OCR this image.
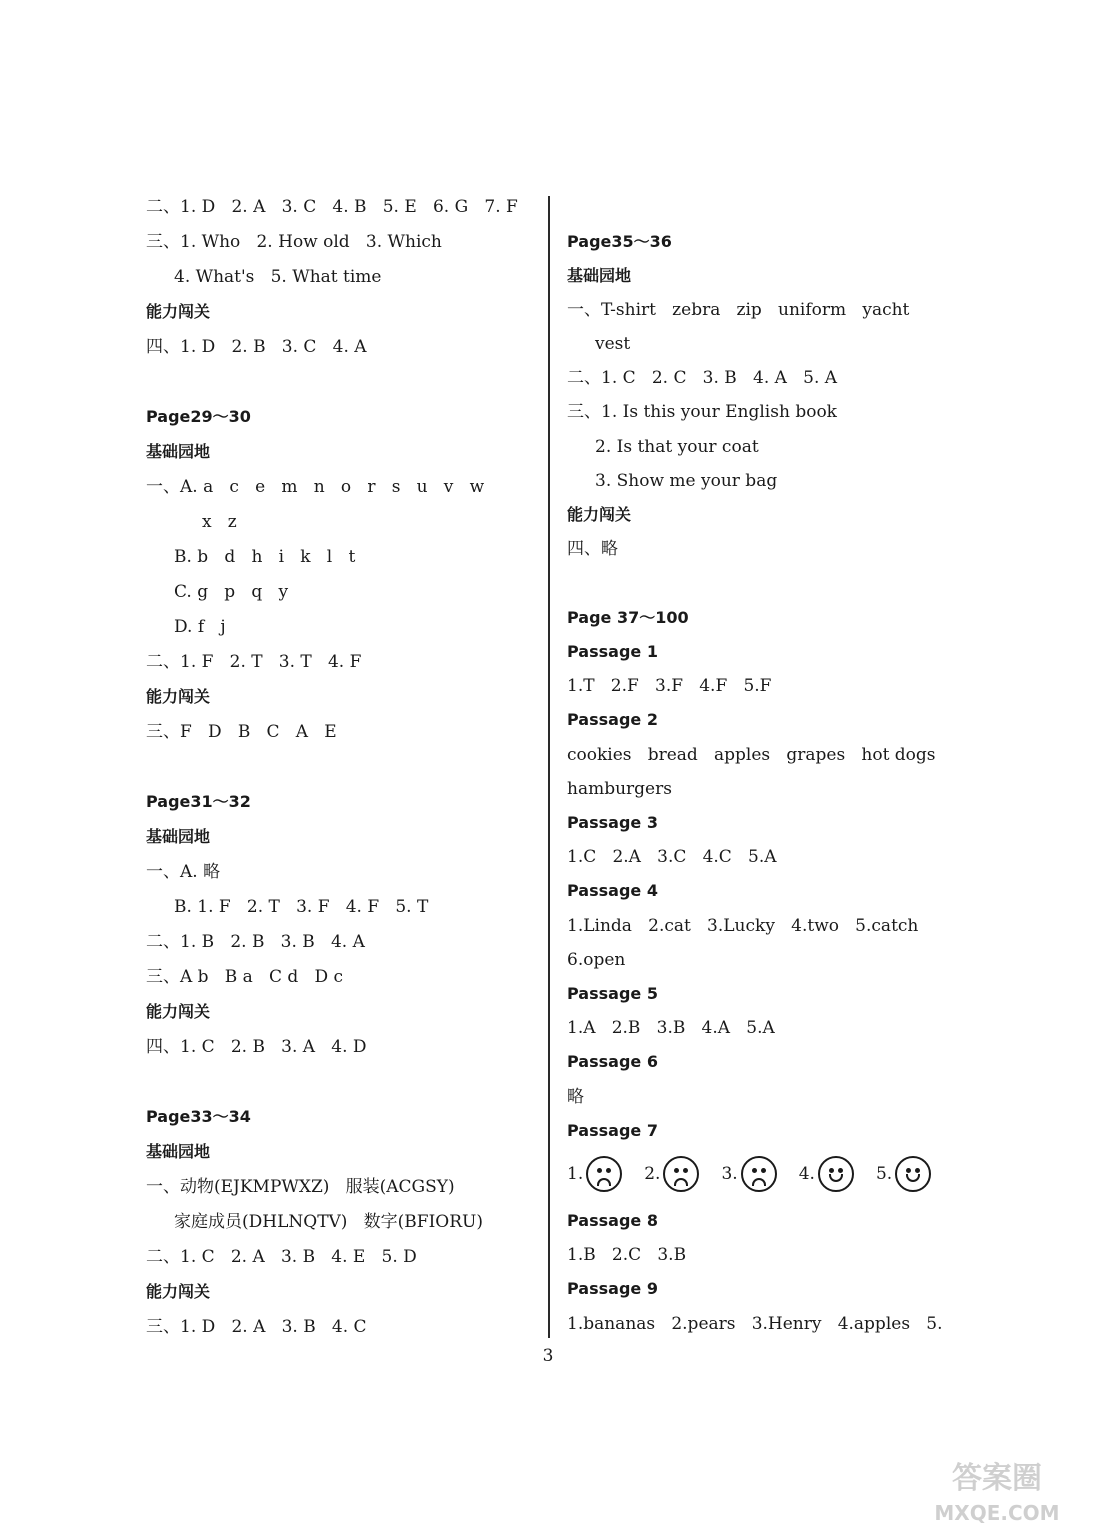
二、1. D   2. A   3. C   4. B   5. E   6. G   7. F
三、1. Who   2. How old   3. Which
4. What's   5. What time
能力闯关
四、1. D   2. B   3. C   4. A
Page29～30
基础园地
一、A. a   c   e   m   n   o   r   s   u   v   w
x   z
B. b   d   h   i   k   l   t
C. g   p   q   y
D. f   j
二、1. F   2. T   3. T   4. F
能力闯关
三、F   D   B   C   A   E
Page31～32
基础园地
一、A. 略
B. 1. F   2. T   3. F   4. F   5. T
二、1. B   2. B   3. B   4. A
三、A b   B a   C d   D c
能力闯关
四、1. C   2. B   3. A   4. D
Page33～34
基础园地
一、动物(EJKMPWXZ)   服装(ACGSY)
家庭成员(DHLNQTV)   数字(BFIORU)
二、1. C   2. A   3. B   4. E   5. D
能力闯关
三、1. D   2. A   3. B   4. C
Page35～36
基础园地
一、T-shirt   zebra   zip   uniform   yacht
vest
二、1. C   2. C   3. B   4. A   5. A
三、1. Is this your English book
2. Is that your coat
3. Show me your bag
能力闯关
四、略
Page 37～100
Passage 1
1.T   2.F   3.F   4.F   5.F
Passage 2
cookies   bread   apples   grapes   hot dogs
hamburgers
Passage 3
1.C   2.A   3.C   4.C   5.A
Passage 4
1.Linda   2.cat   3.Lucky   4.two   5.catch
6.open
Passage 5
1.A   2.B   3.B   4.A   5.A
Passage 6
略
Passage 7
1.	2.	3.	4.	5.
Passage 8
1.B   2.C   3.B
Passage 9
1.bananas   2.pears   3.Henry   4.apples   5.
3
答案圈
MXQE.COM
